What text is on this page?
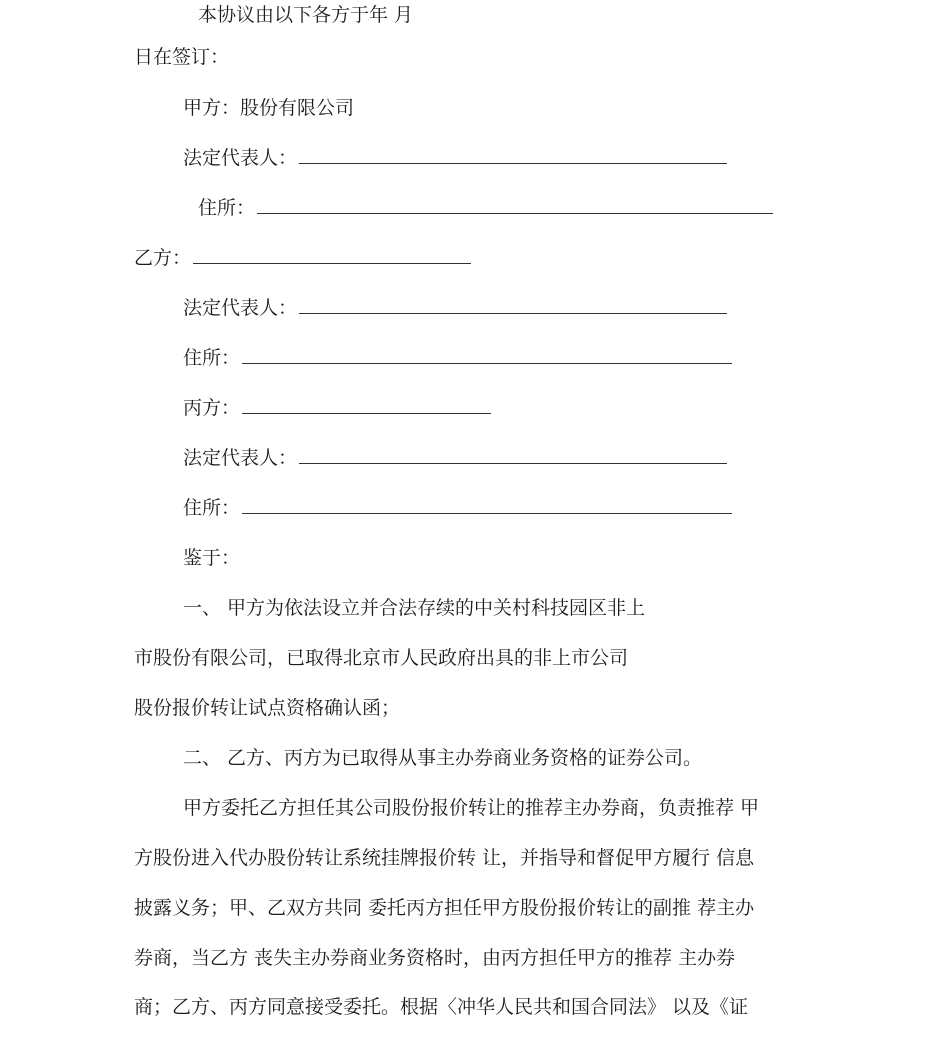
本协议由以下各方于年 月
日在签订：
甲方：股份有限公司
法定代表人：
住所：
乙方：
法定代表人：
住所：
丙方：
法定代表人：
住所：
鉴于：
一、 甲方为依法设立并合法存续的中关村科技园区非上
市股份有限公司，已取得北京市人民政府出具的非上市公司
股份报价转让试点资格确认函；
二、 乙方、丙方为已取得从事主办券商业务资格的证券公司。
甲方委托乙方担任其公司股份报价转让的推荐主办券商，负责推荐 甲
方股份进入代办股份转让系统挂牌报价转 让，并指导和督促甲方履行 信息
披露义务；甲、乙双方共同 委托丙方担任甲方股份报价转让的副推 荐主办
券商，当乙方 丧失主办券商业务资格时，由丙方担任甲方的推荐 主办券
商；乙方、丙方同意接受委托。根据〈冲华人民共和国合同法》 以及《证
